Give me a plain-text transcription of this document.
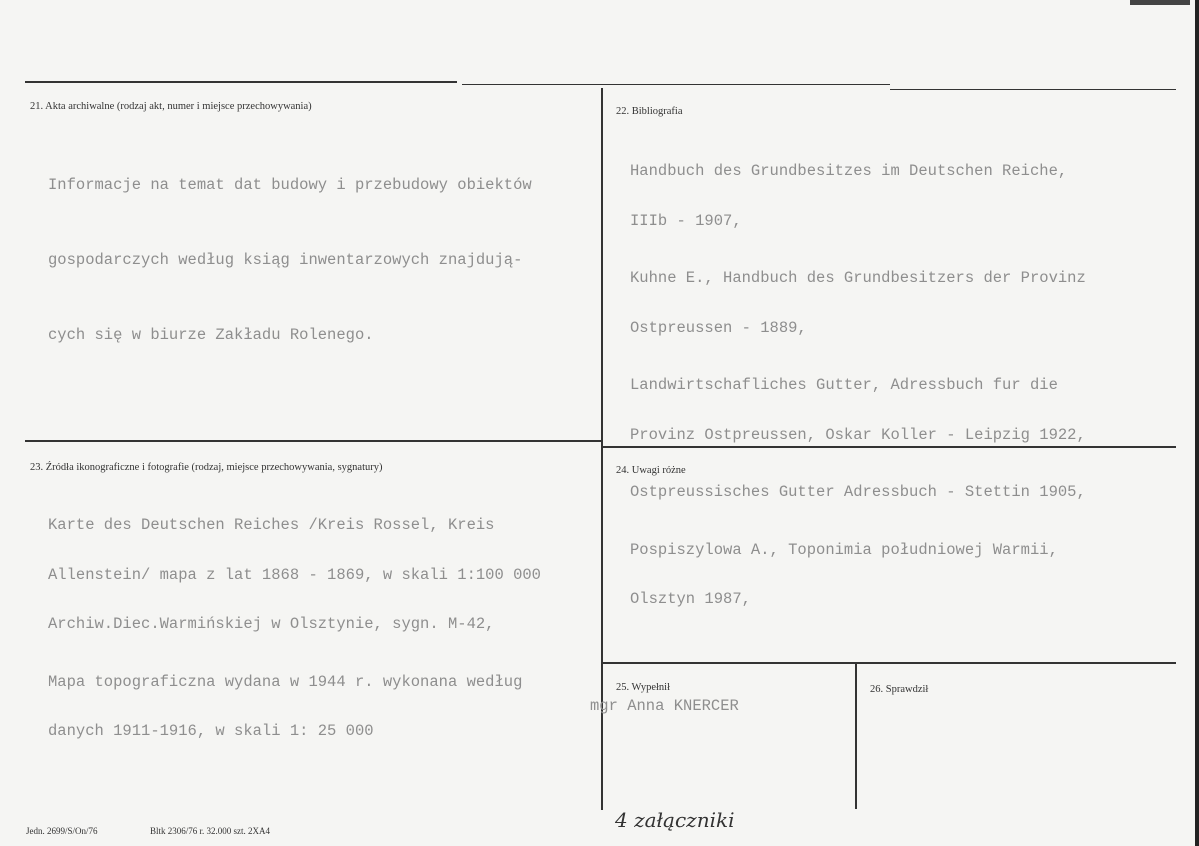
21. Akta archiwalne (rodzaj akt, numer i miejsce przechowywania)

Informacje na temat dat budowy i przebudowy obiektów

gospodarczych według ksiąg inwentarzowych znajdują-

cych się w biurze Zakładu Rolenego.

22. Bibliografia

Handbuch des Grundbesitzes im Deutschen Reiche,

IIIb - 1907,

Kuhne E., Handbuch des Grundbesitzers der Provinz

Ostpreussen - 1889,

Landwirtschafliches Gutter, Adressbuch fur die

Provinz Ostpreussen, Oskar Koller - Leipzig 1922,

Ostpreussisches Gutter Adressbuch - Stettin 1905,

Pospiszylowa A., Toponimia południowej Warmii,

Olsztyn 1987,

23. Źródła ikonograficzne i fotografie (rodzaj, miejsce przechowywania, sygnatury)

Karte des Deutschen Reiches /Kreis Rossel, Kreis

Allenstein/ mapa z lat 1868 - 1869, w skali 1:100 000

Archiw.Diec.Warmińskiej w Olsztynie, sygn. M-42,

Mapa topograficzna wydana w 1944 r. wykonana według

danych 1911-1916, w skali 1: 25 000

24. Uwagi różne
25. Wypełnił
mgr Anna KNERCER
26. Sprawdził
4 załączniki
Jedn. 2699/S/On/76	Bltk 2306/76 r. 32.000 szt. 2XA4
